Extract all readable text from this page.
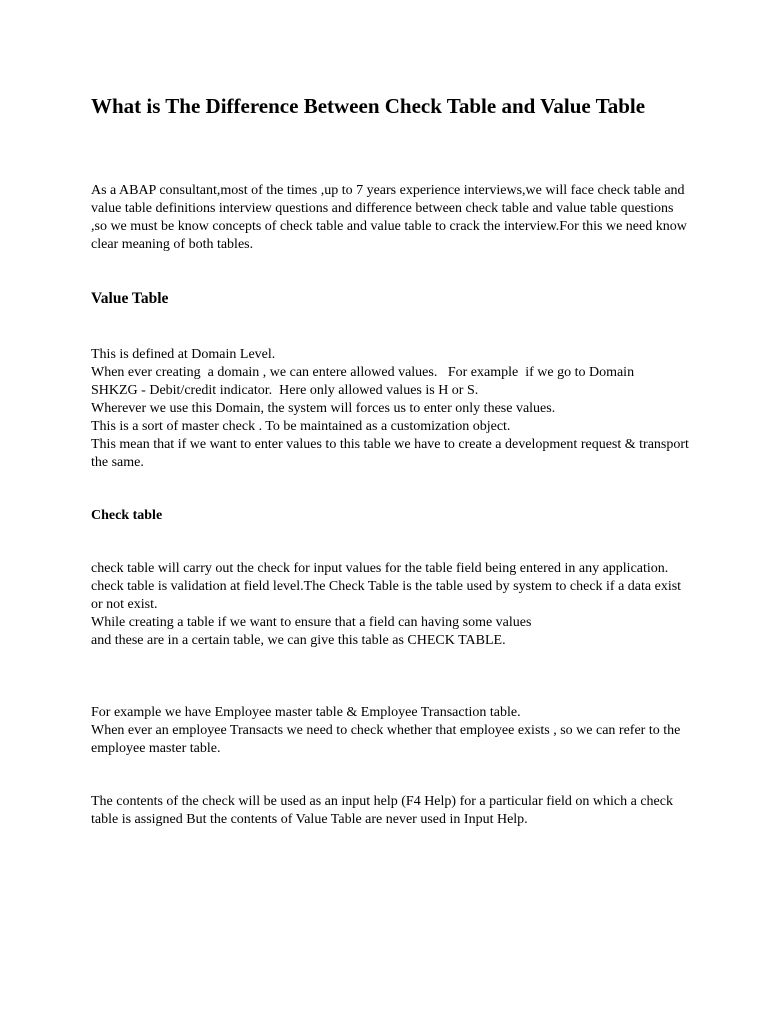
What is The Difference Between Check Table and Value Table

As a ABAP consultant,most of the times ,up to 7 years experience interviews,we will face check table and value table definitions interview questions and difference between check table and value table questions ,so we must be know concepts of check table and value table to crack the interview.For this we need know clear meaning of both tables.

Value Table
This is defined at Domain Level.
When ever creating  a domain , we can entere allowed values.   For example  if we go to Domain   SHKZG - Debit/credit indicator.  Here only allowed values is H or S.
Wherever we use this Domain, the system will forces us to enter only these values.
This is a sort of master check . To be maintained as a customization object.
This mean that if we want to enter values to this table we have to create a development request & transport the same.
Check table
check table will carry out the check for input values for the table field being entered in any application.
check table is validation at field level.The Check Table is the table used by system to check if a data exist or not exist.
While creating a table if we want to ensure that a field can having some values
and these are in a certain table, we can give this table as CHECK TABLE.
For example we have Employee master table & Employee Transaction table.
When ever an employee Transacts we need to check whether that employee exists , so we can refer to the employee master table.

The contents of the check will be used as an input help (F4 Help) for a particular field on which a check table is assigned But the contents of Value Table are never used in Input Help.
